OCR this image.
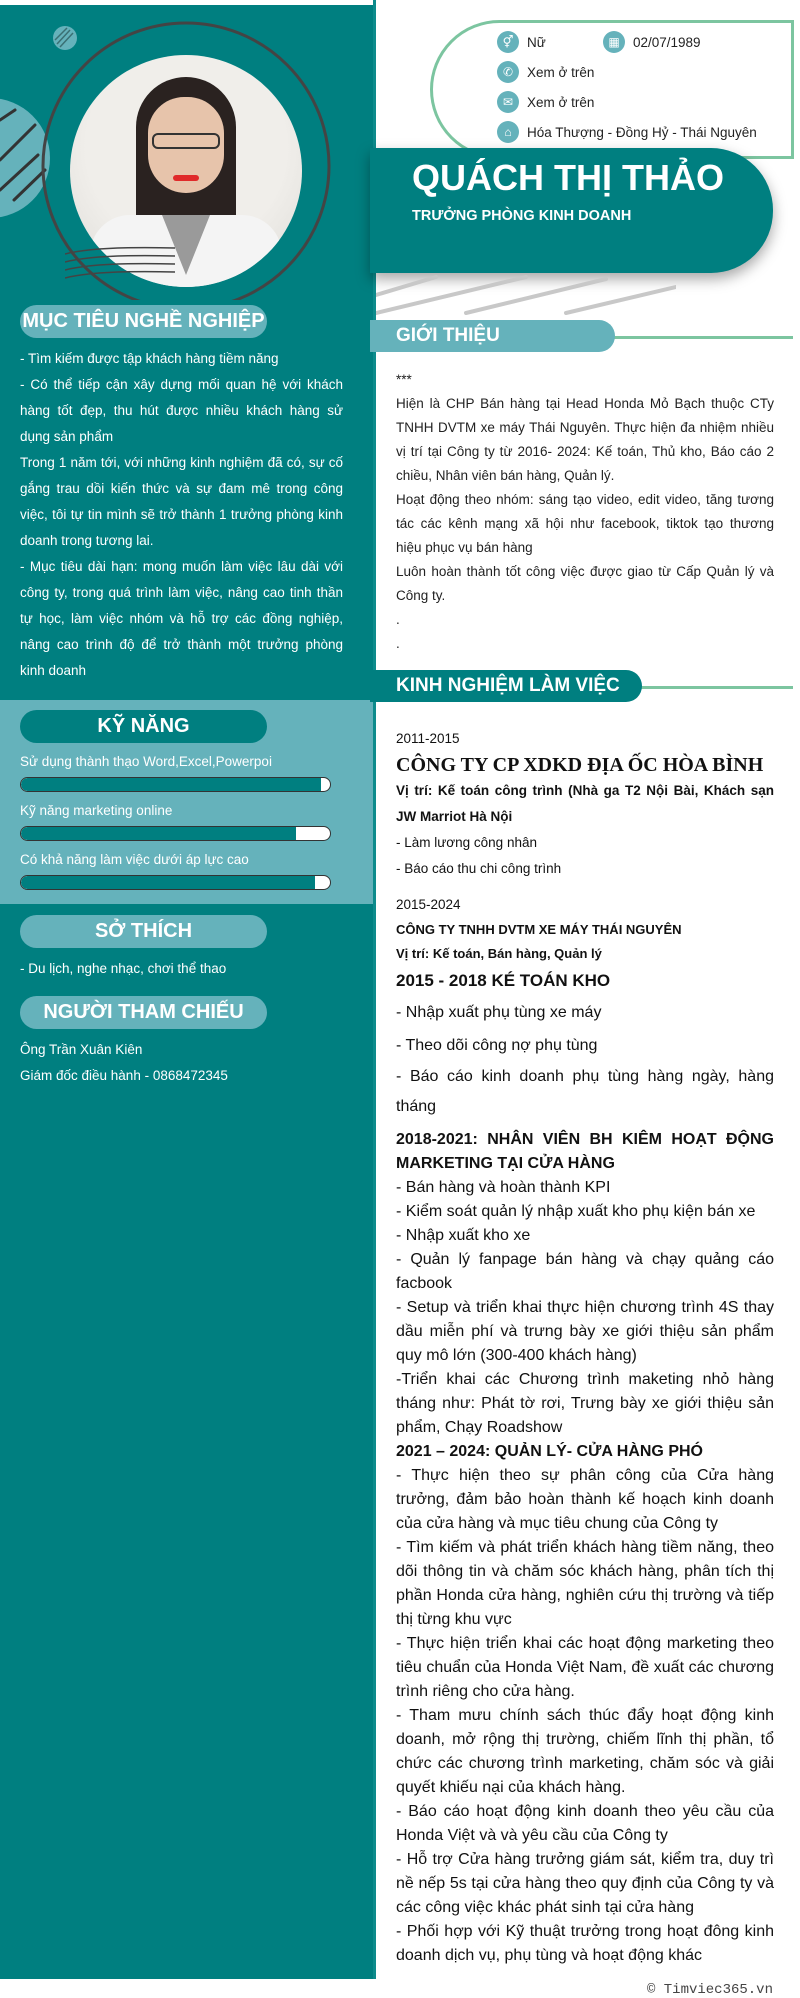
MỤC TIÊU NGHỀ NGHIỆP
- Tìm kiếm được tập khách hàng tiềm năng
- Có thể tiếp cận xây dựng mối quan hệ với khách hàng tốt đẹp, thu hút được nhiều khách hàng sử dụng sản phẩm
Trong 1 năm tới, với những kinh nghiệm đã có, sự cố gắng trau dồi kiến thức và sự đam mê trong công việc, tôi tự tin mình sẽ trở thành 1 trưởng phòng kinh doanh trong tương lai.
- Mục tiêu dài hạn: mong muốn làm việc lâu dài với công ty, trong quá trình làm việc, nâng cao tinh thần tự học, làm việc nhóm và hỗ trợ các đồng nghiệp, nâng cao trình độ để trở thành một trưởng phòng kinh doanh
KỸ NĂNG
Sử dụng thành thạo Word,Excel,Powerpoi
Kỹ năng marketing online
Có khả năng làm việc dưới áp lực cao
SỞ THÍCH
- Du lịch, nghe nhạc, chơi thể thao
NGƯỜI THAM CHIẾU
Ông Trần Xuân Kiên
Giám đốc điều hành - 0868472345
⚥	Nữ	▦ 02/07/1989
✆	Xem ở trên
✉	Xem ở trên
⌂	Hóa Thượng - Đồng Hỷ - Thái Nguyên
QUÁCH THỊ THẢO
TRƯỞNG PHÒNG KINH DOANH
GIỚI THIỆU
***
Hiện là CHP Bán hàng tại Head Honda Mỏ Bạch thuộc CTy TNHH DVTM xe máy Thái Nguyên. Thực hiện đa nhiệm nhiều vị trí tại Công ty từ 2016- 2024: Kế toán, Thủ kho, Báo cáo 2 chiều, Nhân viên bán hàng, Quản lý.
Hoạt động theo nhóm: sáng tạo video, edit video, tăng tương tác các kênh mạng xã hội như facebook, tiktok tạo thương hiệu phục vụ bán hàng
Luôn hoàn thành tốt công việc được giao từ Cấp Quản lý và Công ty.
.
.
KINH NGHIỆM LÀM VIỆC
2011-2015
CÔNG TY CP XDKD ĐỊA ỐC HÒA BÌNH
Vị trí: Kế toán công trình (Nhà ga T2 Nội Bài, Khách sạn JW Marriot Hà Nội
- Làm lương công nhân
- Báo cáo thu chi công trình
2015-2024
CÔNG TY TNHH DVTM XE MÁY THÁI NGUYÊN
Vị trí: Kế toán, Bán hàng, Quản lý
2015 - 2018 KÉ TOÁN KHO
- Nhập xuất phụ tùng xe máy
- Theo dõi công nợ phụ tùng
- Báo cáo kinh doanh phụ tùng hàng ngày, hàng tháng
2018-2021: NHÂN VIÊN BH KIÊM HOẠT ĐỘNG MARKETING TẠI CỬA HÀNG
- Bán hàng và hoàn thành KPI
- Kiểm soát quản lý nhập xuất kho phụ kiện bán xe
- Nhập xuất kho xe
- Quản lý fanpage bán hàng và chạy quảng cáo facbook
- Setup và triển khai thực hiện chương trình 4S thay dầu miễn phí và trưng bày xe giới thiệu sản phẩm quy mô lớn (300-400 khách hàng)
-Triển khai các Chương trình maketing nhỏ hàng tháng như: Phát tờ rơi, Trưng bày xe giới thiệu sản phẩm, Chạy Roadshow
2021 – 2024: QUẢN LÝ- CỬA HÀNG PHÓ
- Thực hiện theo sự phân công của Cửa hàng trưởng, đảm bảo hoàn thành kế hoạch kinh doanh của cửa hàng và mục tiêu chung của Công ty
- Tìm kiếm và phát triển khách hàng tiềm năng, theo dõi thông tin và chăm sóc khách hàng, phân tích thị phần Honda cửa hàng, nghiên cứu thị trường và tiếp thị từng khu vực
- Thực hiện triển khai các hoạt động marketing theo tiêu chuẩn của Honda Việt Nam, đề xuất các chương trình riêng cho cửa hàng.
- Tham mưu chính sách thúc đẩy hoạt động kinh doanh, mở rộng thị trường, chiếm lĩnh thị phần, tổ chức các chương trình marketing, chăm sóc và giải quyết khiếu nại của khách hàng.
- Báo cáo hoạt động kinh doanh theo yêu cầu của Honda Việt và và yêu cầu của Công ty
- Hỗ trợ Cửa hàng trưởng giám sát, kiểm tra, duy trì nề nếp 5s tại cửa hàng theo quy định của Công ty và các công việc khác phát sinh tại cửa hàng
- Phối hợp với Kỹ thuật trưởng trong hoạt đông kinh doanh dịch vụ, phụ tùng và hoạt động khác
© Timviec365.vn
